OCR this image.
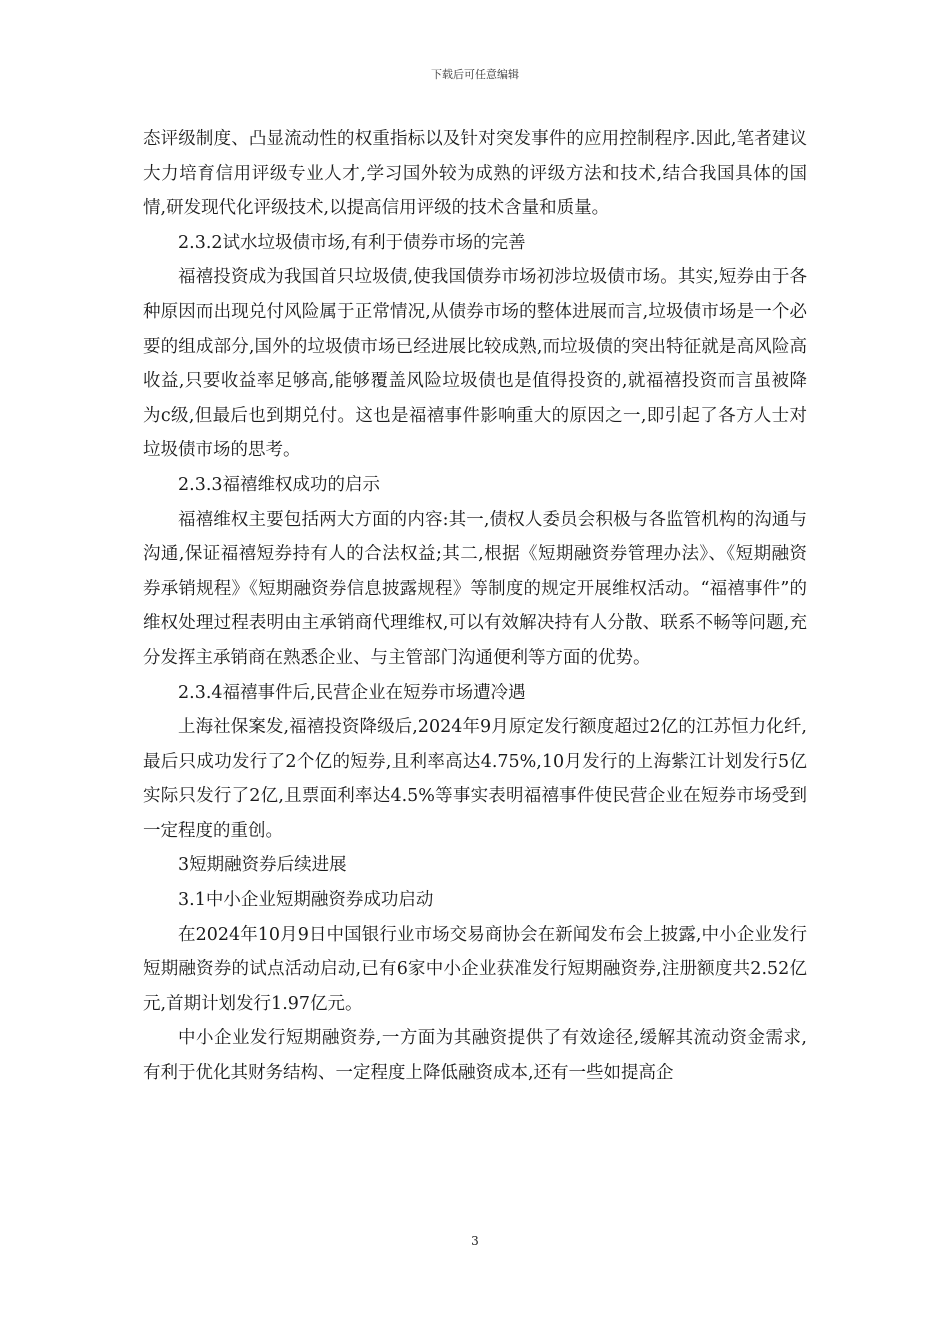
下载后可任意编辑

态评级制度、凸显流动性的权重指标以及针对突发事件的应用控制程序.因此,笔者建议大力培育信用评级专业人才,学习国外较为成熟的评级方法和技术,结合我国具体的国情,研发现代化评级技术,以提高信用评级的技术含量和质量。

2.3.2试水垃圾债市场,有利于债券市场的完善

福禧投资成为我国首只垃圾债,使我国债券市场初涉垃圾债市场。其实,短券由于各种原因而出现兑付风险属于正常情况,从债券市场的整体进展而言,垃圾债市场是一个必要的组成部分,国外的垃圾债市场已经进展比较成熟,而垃圾债的突出特征就是高风险高收益,只要收益率足够高,能够覆盖风险垃圾债也是值得投资的,就福禧投资而言虽被降为c级,但最后也到期兑付。这也是福禧事件影响重大的原因之一,即引起了各方人士对垃圾债市场的思考。

2.3.3福禧维权成功的启示

福禧维权主要包括两大方面的内容:其一,债权人委员会积极与各监管机构的沟通与沟通,保证福禧短券持有人的合法权益;其二,根据《短期融资券管理办法》、《短期融资券承销规程》《短期融资券信息披露规程》等制度的规定开展维权活动。“福禧事件”的维权处理过程表明由主承销商代理维权,可以有效解决持有人分散、联系不畅等问题,充分发挥主承销商在熟悉企业、与主管部门沟通便利等方面的优势。

2.3.4福禧事件后,民营企业在短券市场遭冷遇

上海社保案发,福禧投资降级后,2024年9月原定发行额度超过2亿的江苏恒力化纤,最后只成功发行了2个亿的短券,且利率高达4.75%,10月发行的上海紫江计划发行5亿实际只发行了2亿,且票面利率达4.5%等事实表明福禧事件使民营企业在短券市场受到一定程度的重创。

3短期融资券后续进展

3.1中小企业短期融资券成功启动

在2024年10月9日中国银行业市场交易商协会在新闻发布会上披露,中小企业发行短期融资券的试点活动启动,已有6家中小企业获准发行短期融资券,注册额度共2.52亿元,首期计划发行1.97亿元。

中小企业发行短期融资券,一方面为其融资提供了有效途径,缓解其流动资金需求,有利于优化其财务结构、一定程度上降低融资成本,还有一些如提高企

3
